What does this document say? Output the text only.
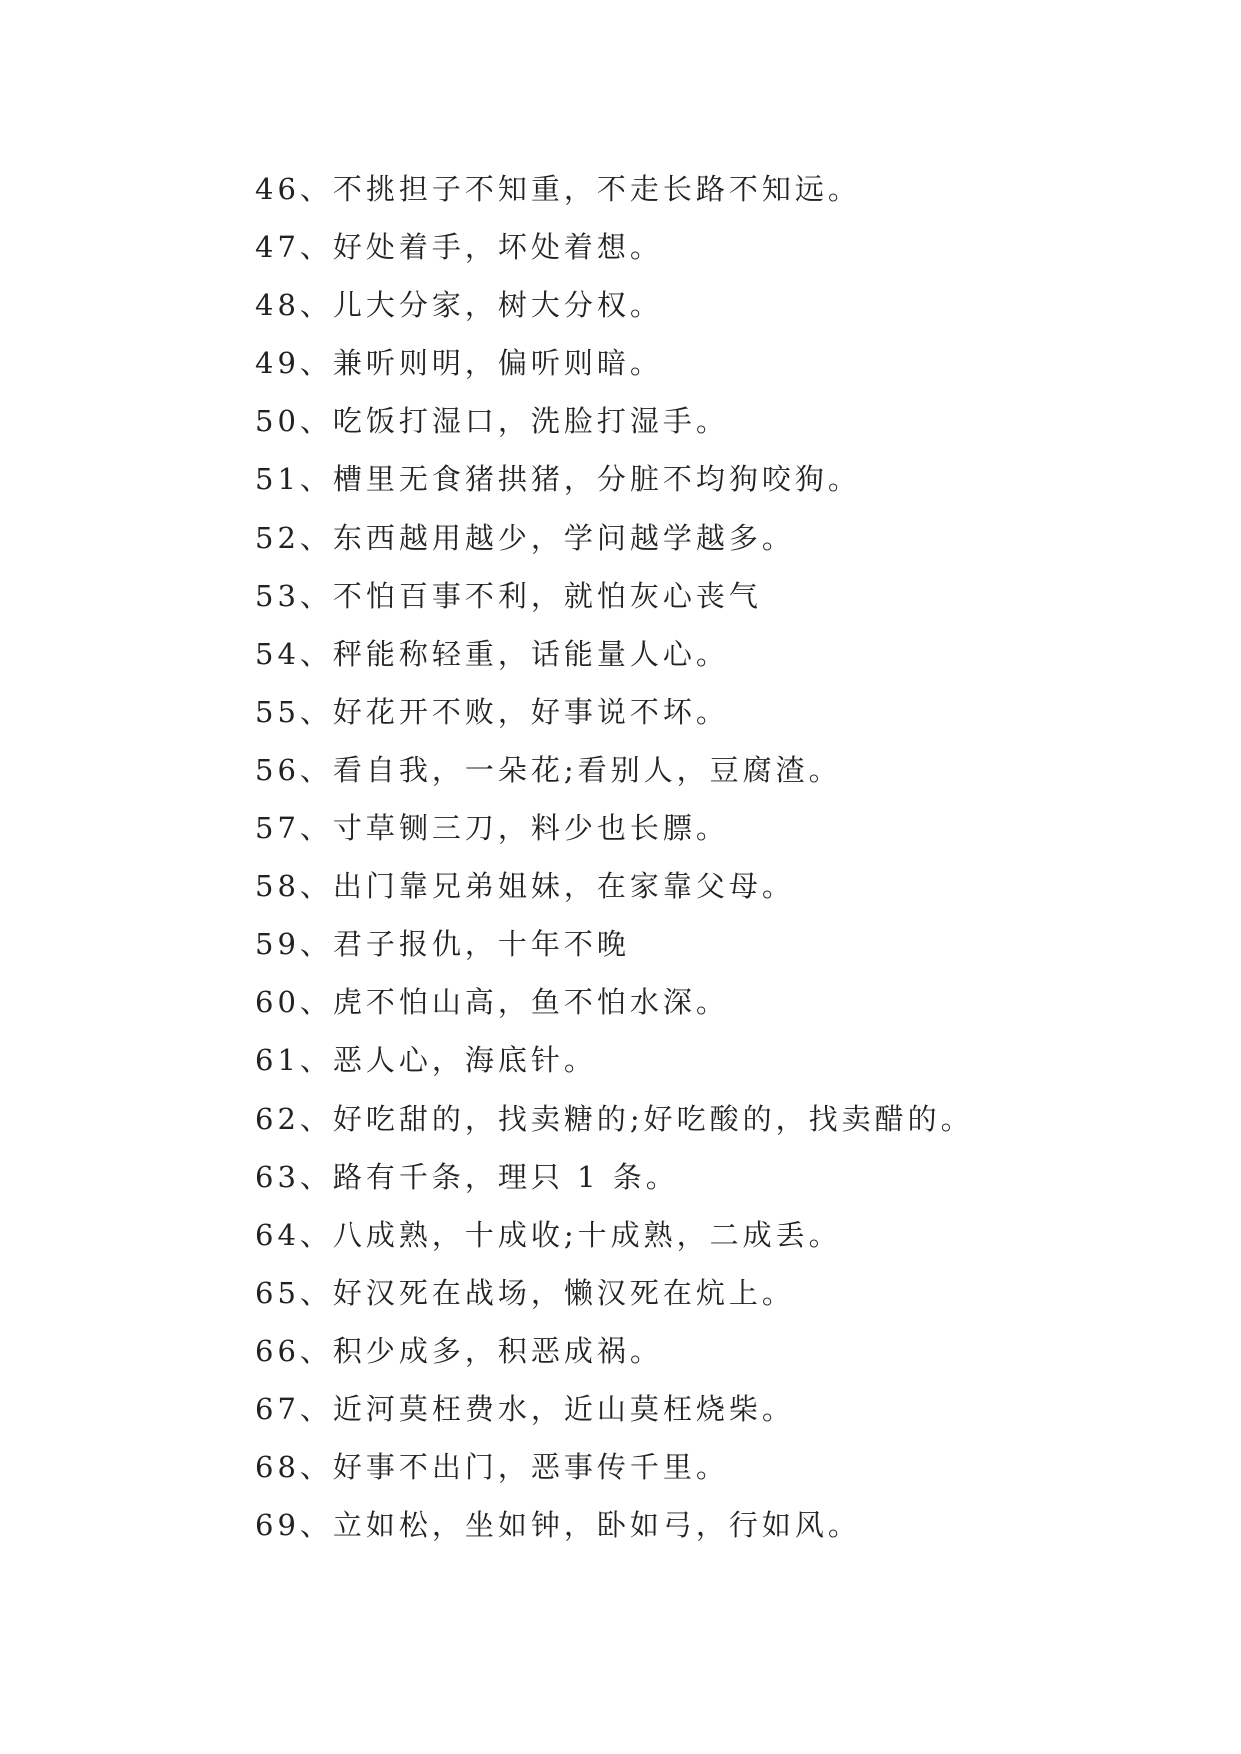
46、不挑担子不知重，不走长路不知远。
47、好处着手，坏处着想。
48、儿大分家，树大分权。
49、兼听则明，偏听则暗。
50、吃饭打湿口，洗脸打湿手。
51、槽里无食猪拱猪，分脏不均狗咬狗。
52、东西越用越少，学问越学越多。
53、不怕百事不利，就怕灰心丧气
54、秤能称轻重，话能量人心。
55、好花开不败，好事说不坏。
56、看自我，一朵花;看别人，豆腐渣。
57、寸草铡三刀，料少也长膘。
58、出门靠兄弟姐妹，在家靠父母。
59、君子报仇，十年不晚
60、虎不怕山高，鱼不怕水深。
61、恶人心，海底针。
62、好吃甜的，找卖糖的;好吃酸的，找卖醋的。
63、路有千条，理只 1 条。
64、八成熟，十成收;十成熟，二成丢。
65、好汉死在战场，懒汉死在炕上。
66、积少成多，积恶成祸。
67、近河莫枉费水，近山莫枉烧柴。
68、好事不出门，恶事传千里。
69、立如松，坐如钟，卧如弓，行如风。
